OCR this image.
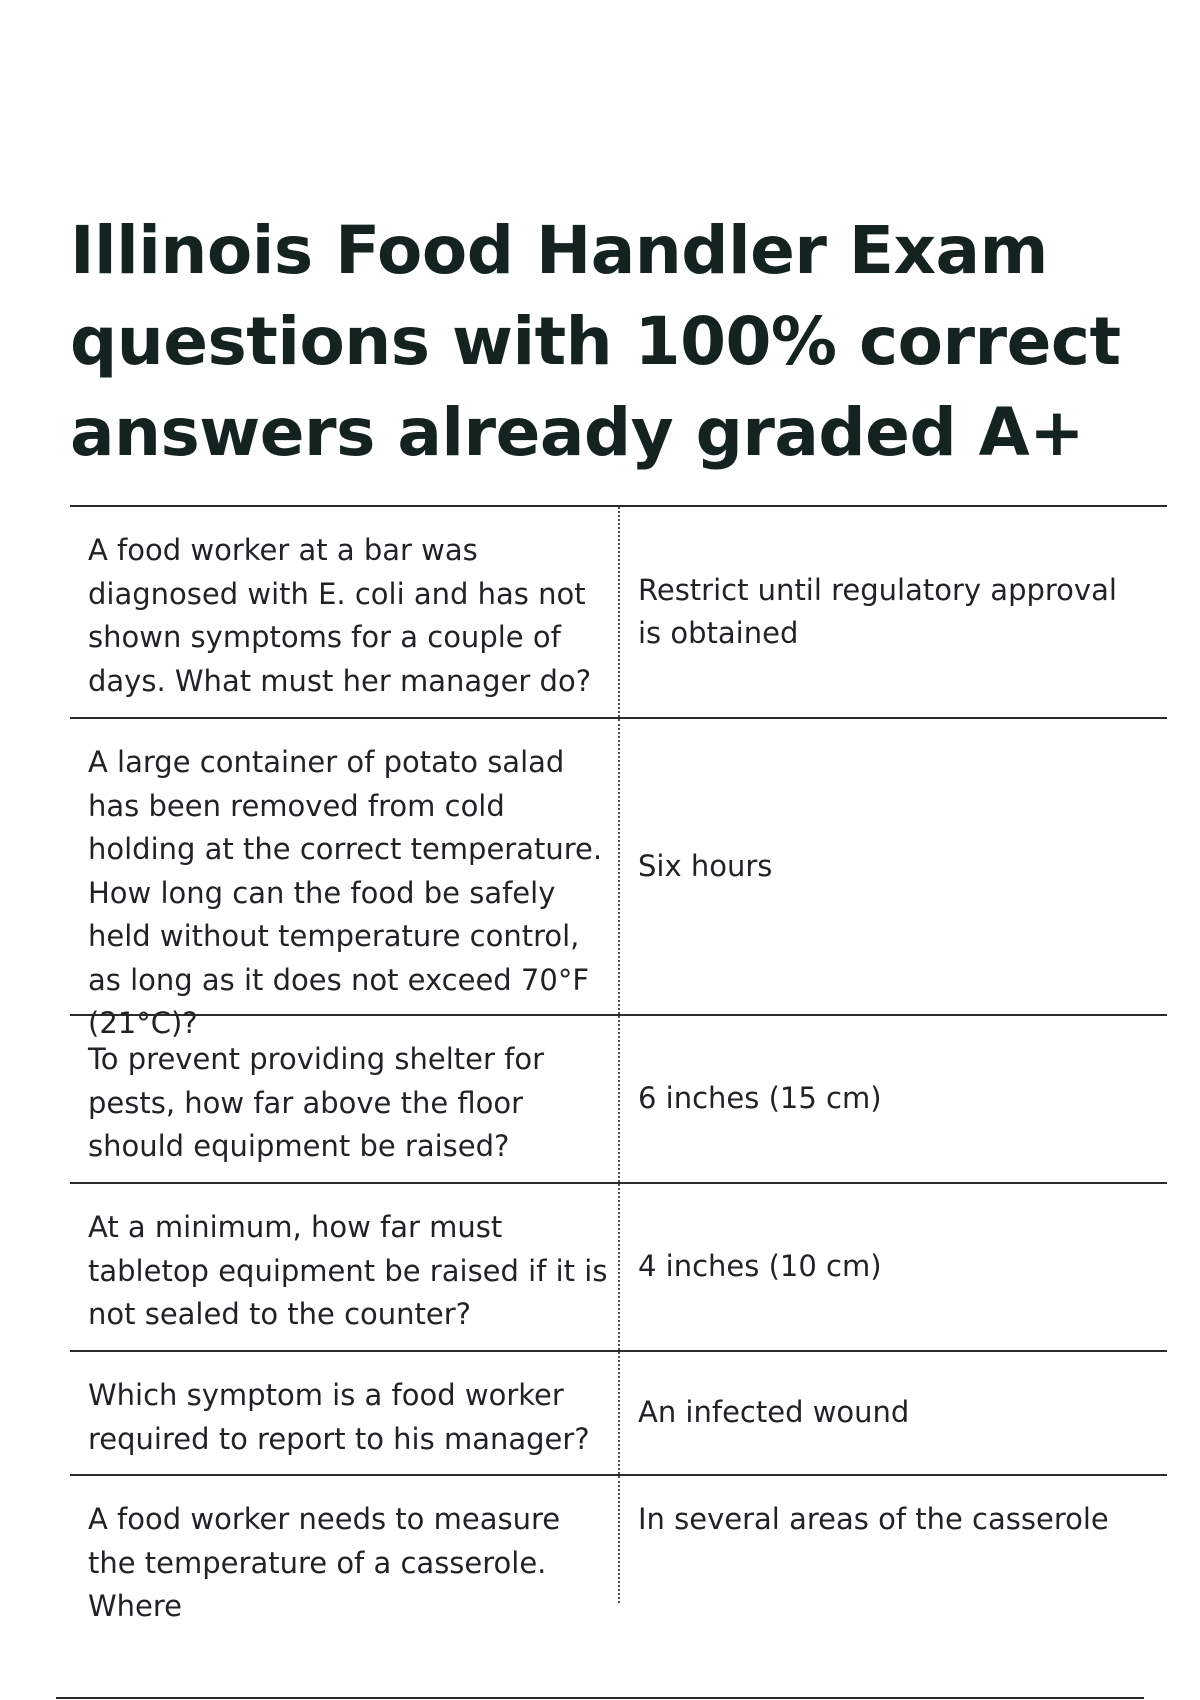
Illinois Food Handler Exam questions with 100% correct answers already graded A+
A food worker at a bar was diagnosed with E. coli and has not shown symptoms for a couple of days. What must her manager do?
Restrict until regulatory approval is obtained
A large container of potato salad has been removed from cold holding at the correct temperature. How long can the food be safely held without temperature control, as long as it does not exceed 70°F (21°C)?
Six hours
To prevent providing shelter for pests, how far above the floor should equipment be raised?
6 inches (15 cm)
At a minimum, how far must tabletop equipment be raised if it is not sealed to the counter?
4 inches (10 cm)
Which symptom is a food worker required to report to his manager?
An infected wound
A food worker needs to measure the temperature of a casserole. Where
In several areas of the casserole
